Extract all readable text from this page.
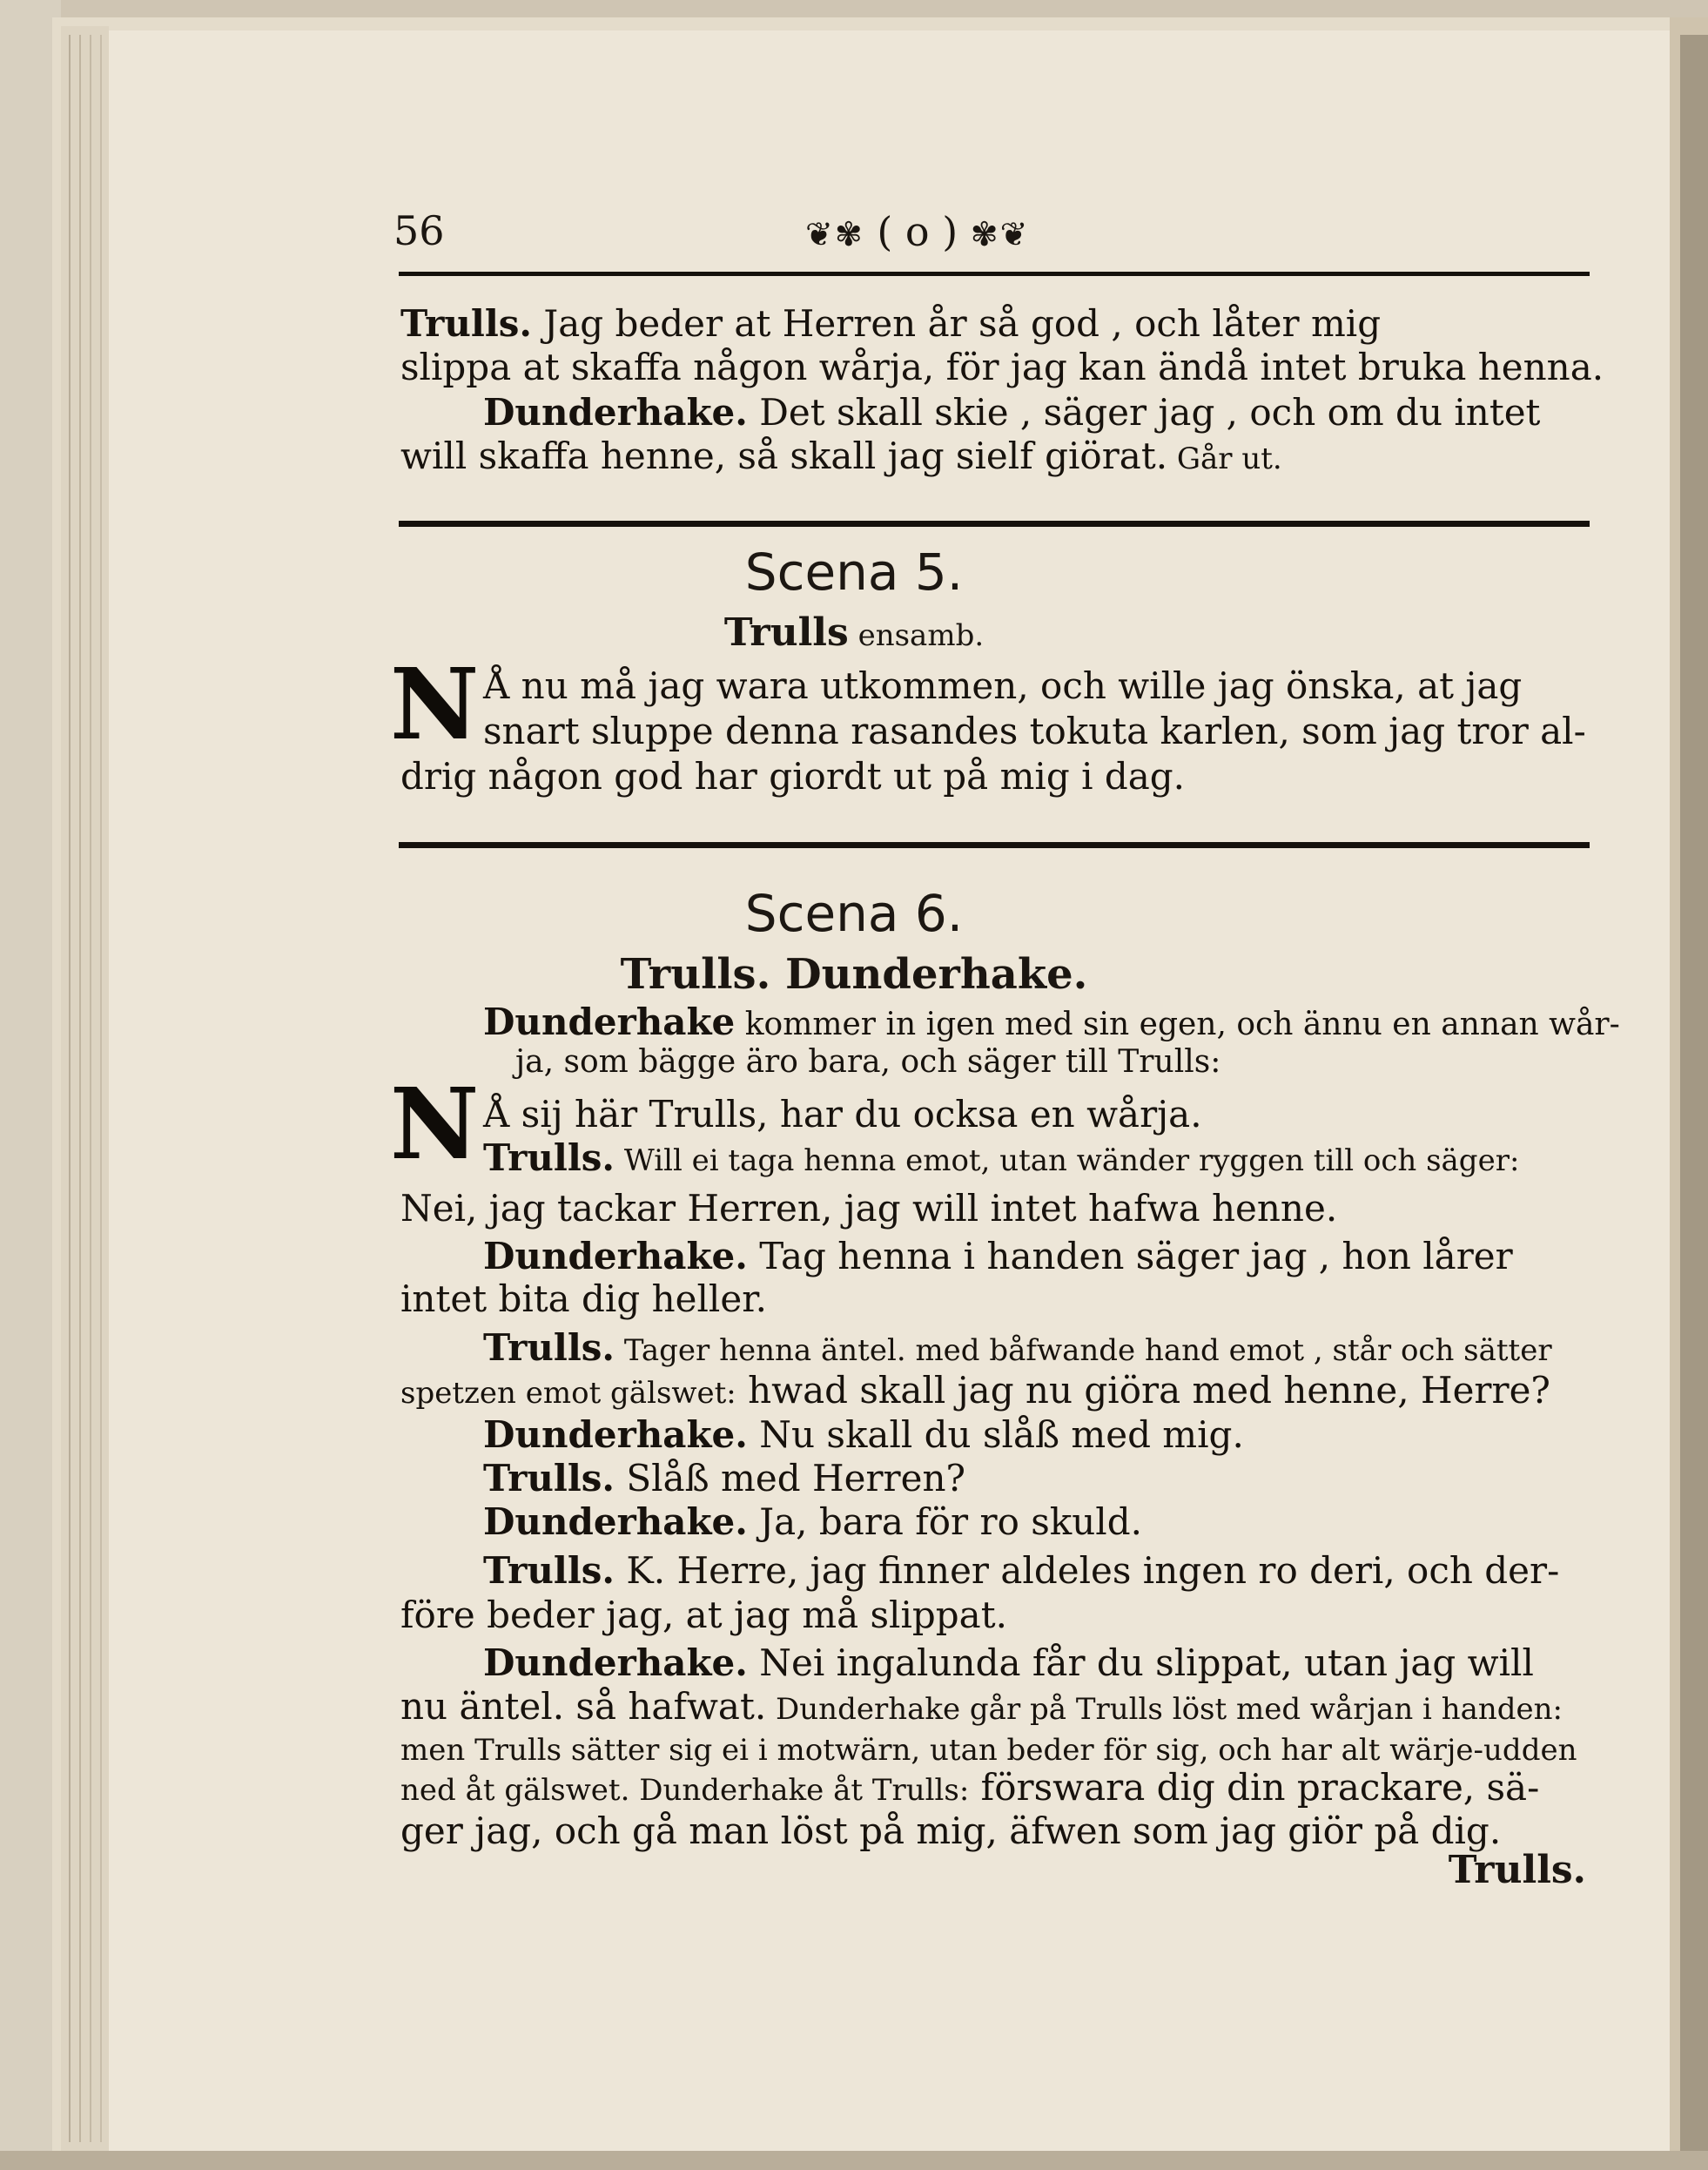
56	❦✾ ( o ) ✾❦
Trulls. Jag beder at Herren år så god , och låter mig
slippa at skaffa någon wårja, för jag kan ändå intet bruka henna.
Dunderhake. Det skall skie , säger jag , och om du intet
will skaffa henne, så skall jag sielf giörat. Går ut.
Scena 5.
Trulls ensamb.
N Å nu må jag wara utkommen, och wille jag önska, at jag
snart sluppe denna rasandes tokuta karlen, som jag tror al-
drig någon god har giordt ut på mig i dag.
Scena 6.
Trulls. Dunderhake.
Dunderhake kommer in igen med sin egen, och ännu en annan wår-
ja, som bägge äro bara, och säger till Trulls:
N Å sij här Trulls, har du ocksa en wårja.
Trulls. Will ei taga henna emot, utan wänder ryggen till och säger:
Nei, jag tackar Herren, jag will intet hafwa henne.
Dunderhake. Tag henna i handen säger jag , hon lårer
intet bita dig heller.
Trulls. Tager henna äntel. med båfwande hand emot , står och sätter
spetzen emot gälswet: hwad skall jag nu giöra med henne, Herre?
Dunderhake. Nu skall du slåß med mig.
Trulls. Slåß med Herren?
Dunderhake. Ja, bara för ro skuld.
Trulls. K. Herre, jag finner aldeles ingen ro deri, och der-
före beder jag, at jag må slippat.
Dunderhake. Nei ingalunda får du slippat, utan jag will
nu äntel. så hafwat. Dunderhake går på Trulls löst med wårjan i handen:
men Trulls sätter sig ei i motwärn, utan beder för sig, och har alt wärje-udden
ned åt gälswet. Dunderhake åt Trulls: förswara dig din prackare, sä-
ger jag, och gå man löst på mig, äfwen som jag giör på dig.
Trulls.
